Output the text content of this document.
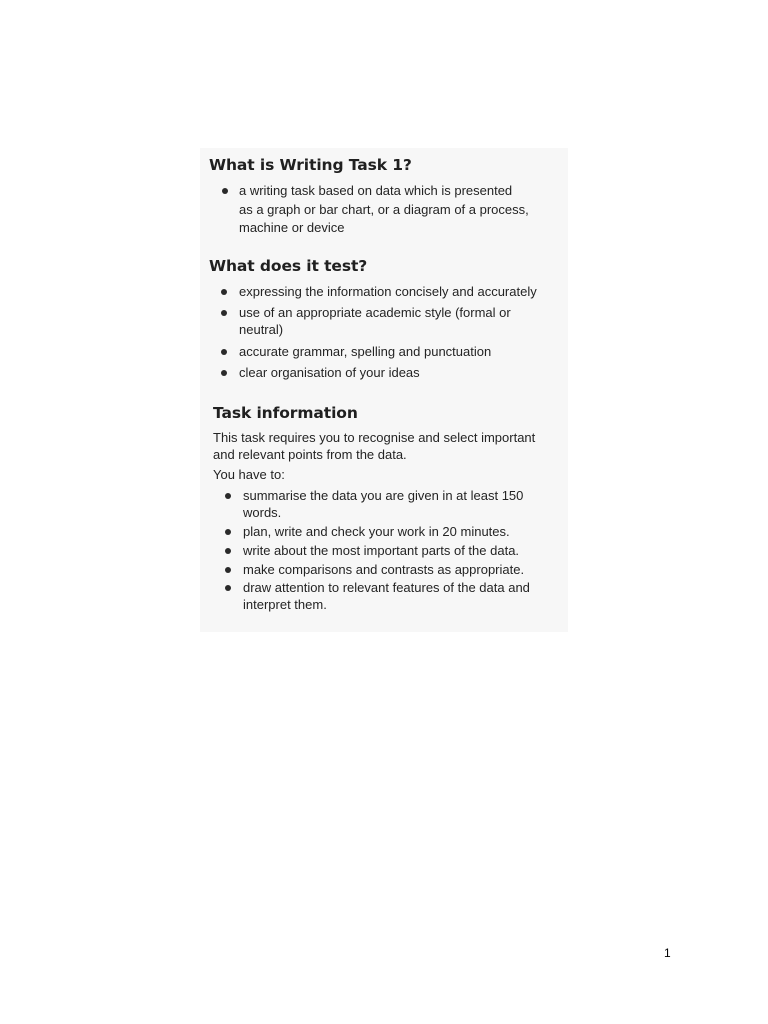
What is Writing Task 1?
a writing task based on data which is presented
as a graph or bar chart, or a diagram of a process,
machine or device
What does it test?
expressing the information concisely and accurately
use of an appropriate academic style (formal or
neutral)
accurate grammar, spelling and punctuation
clear organisation of your ideas
Task information
This task requires you to recognise and select important
and relevant points from the data.
You have to:
summarise the data you are given in at least 150
words.
plan, write and check your work in 20 minutes.
write about the most important parts of the data.
make comparisons and contrasts as appropriate.
draw attention to relevant features of the data and
interpret them.
1
